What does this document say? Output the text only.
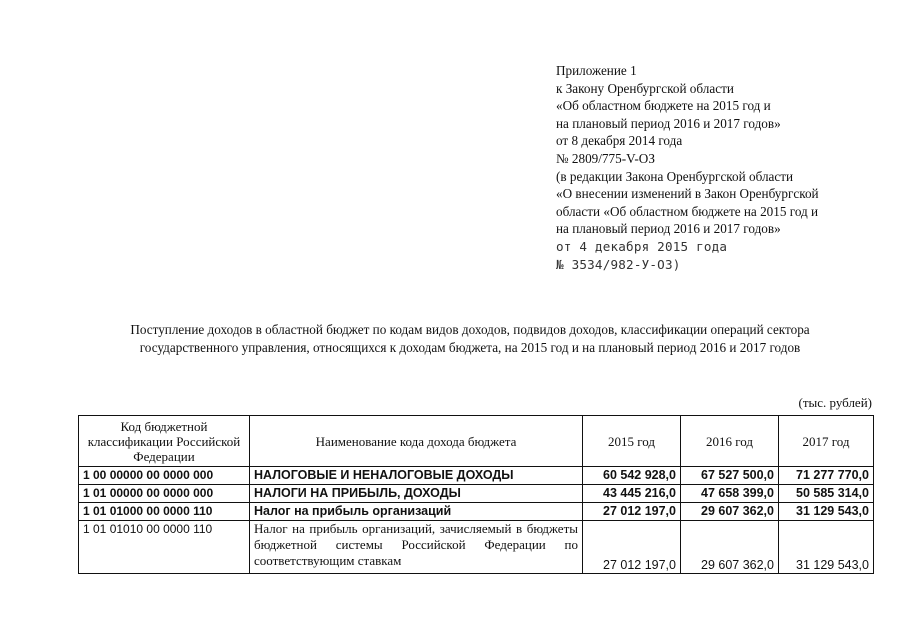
Приложение 1
к Закону Оренбургской области
«Об областном бюджете на 2015 год и
на плановый период 2016 и 2017 годов»
от 8 декабря 2014 года
№ 2809/775-V-ОЗ
(в редакции Закона Оренбургской области
«О внесении изменений в Закон Оренбургской
области «Об областном бюджете на 2015 год и
на плановый период 2016 и 2017 годов»
от 4 декабря 2015 года
№ 3534/982-У-ОЗ)
Поступление доходов в областной бюджет по кодам видов доходов, подвидов доходов, классификации операций сектора государственного управления, относящихся к доходам бюджета, на 2015 год и на плановый период 2016 и 2017 годов
(тыс. рублей)
Код бюджетной классификации Российской Федерации	Наименование кода дохода бюджета	2015 год	2016 год	2017 год
1 00 00000 00 0000 000	НАЛОГОВЫЕ И НЕНАЛОГОВЫЕ ДОХОДЫ	60 542 928,0	67 527 500,0	71 277 770,0
1 01 00000 00 0000 000	НАЛОГИ НА ПРИБЫЛЬ, ДОХОДЫ	43 445 216,0	47 658 399,0	50 585 314,0
1 01 01000 00 0000 110	Налог на прибыль организаций	27 012 197,0	29 607 362,0	31 129 543,0
1 01 01010 00 0000 110	Налог на прибыль организаций, зачисляемый в бюджеты бюджетной системы Российской Федерации по соответствующим ставкам	27 012 197,0	29 607 362,0	31 129 543,0
